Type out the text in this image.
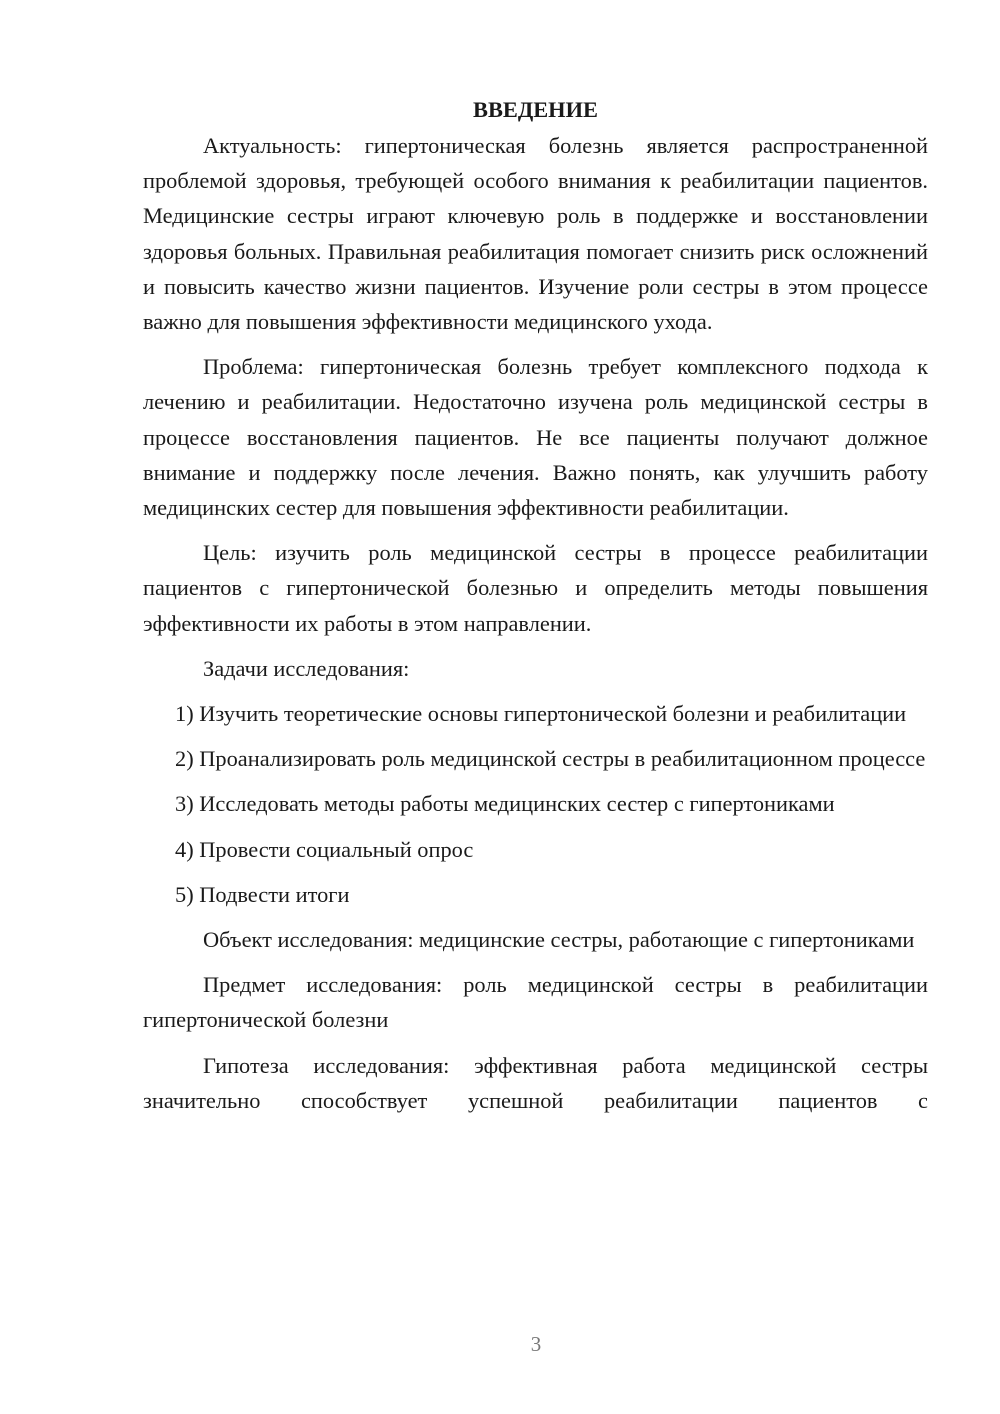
ВВЕДЕНИЕ

Актуальность: гипертоническая болезнь является распространенной проблемой здоровья, требующей особого внимания к реабилитации пациентов. Медицинские сестры играют ключевую роль в поддержке и восстановлении здоровья больных. Правильная реабилитация помогает снизить риск осложнений и повысить качество жизни пациентов. Изучение роли сестры в этом процессе важно для повышения эффективности медицинского ухода.

Проблема: гипертоническая болезнь требует комплексного подхода к лечению и реабилитации. Недостаточно изучена роль медицинской сестры в процессе восстановления пациентов. Не все пациенты получают должное внимание и поддержку после лечения. Важно понять, как улучшить работу медицинских сестер для повышения эффективности реабилитации.

Цель: изучить роль медицинской сестры в процессе реабилитации пациентов с гипертонической болезнью и определить методы повышения эффективности их работы в этом направлении.

Задачи исследования:

1) Изучить теоретические основы гипертонической болезни и реабилитации

2) Проанализировать роль медицинской сестры в реабилитационном процессе

3) Исследовать методы работы медицинских сестер с гипертониками

4) Провести социальный опрос

5) Подвести итоги

Объект исследования: медицинские сестры, работающие с гипертониками

Предмет исследования: роль медицинской сестры в реабилитации гипертонической болезни

Гипотеза исследования: эффективная работа медицинской сестры значительно способствует успешной реабилитации пациентов с

3
